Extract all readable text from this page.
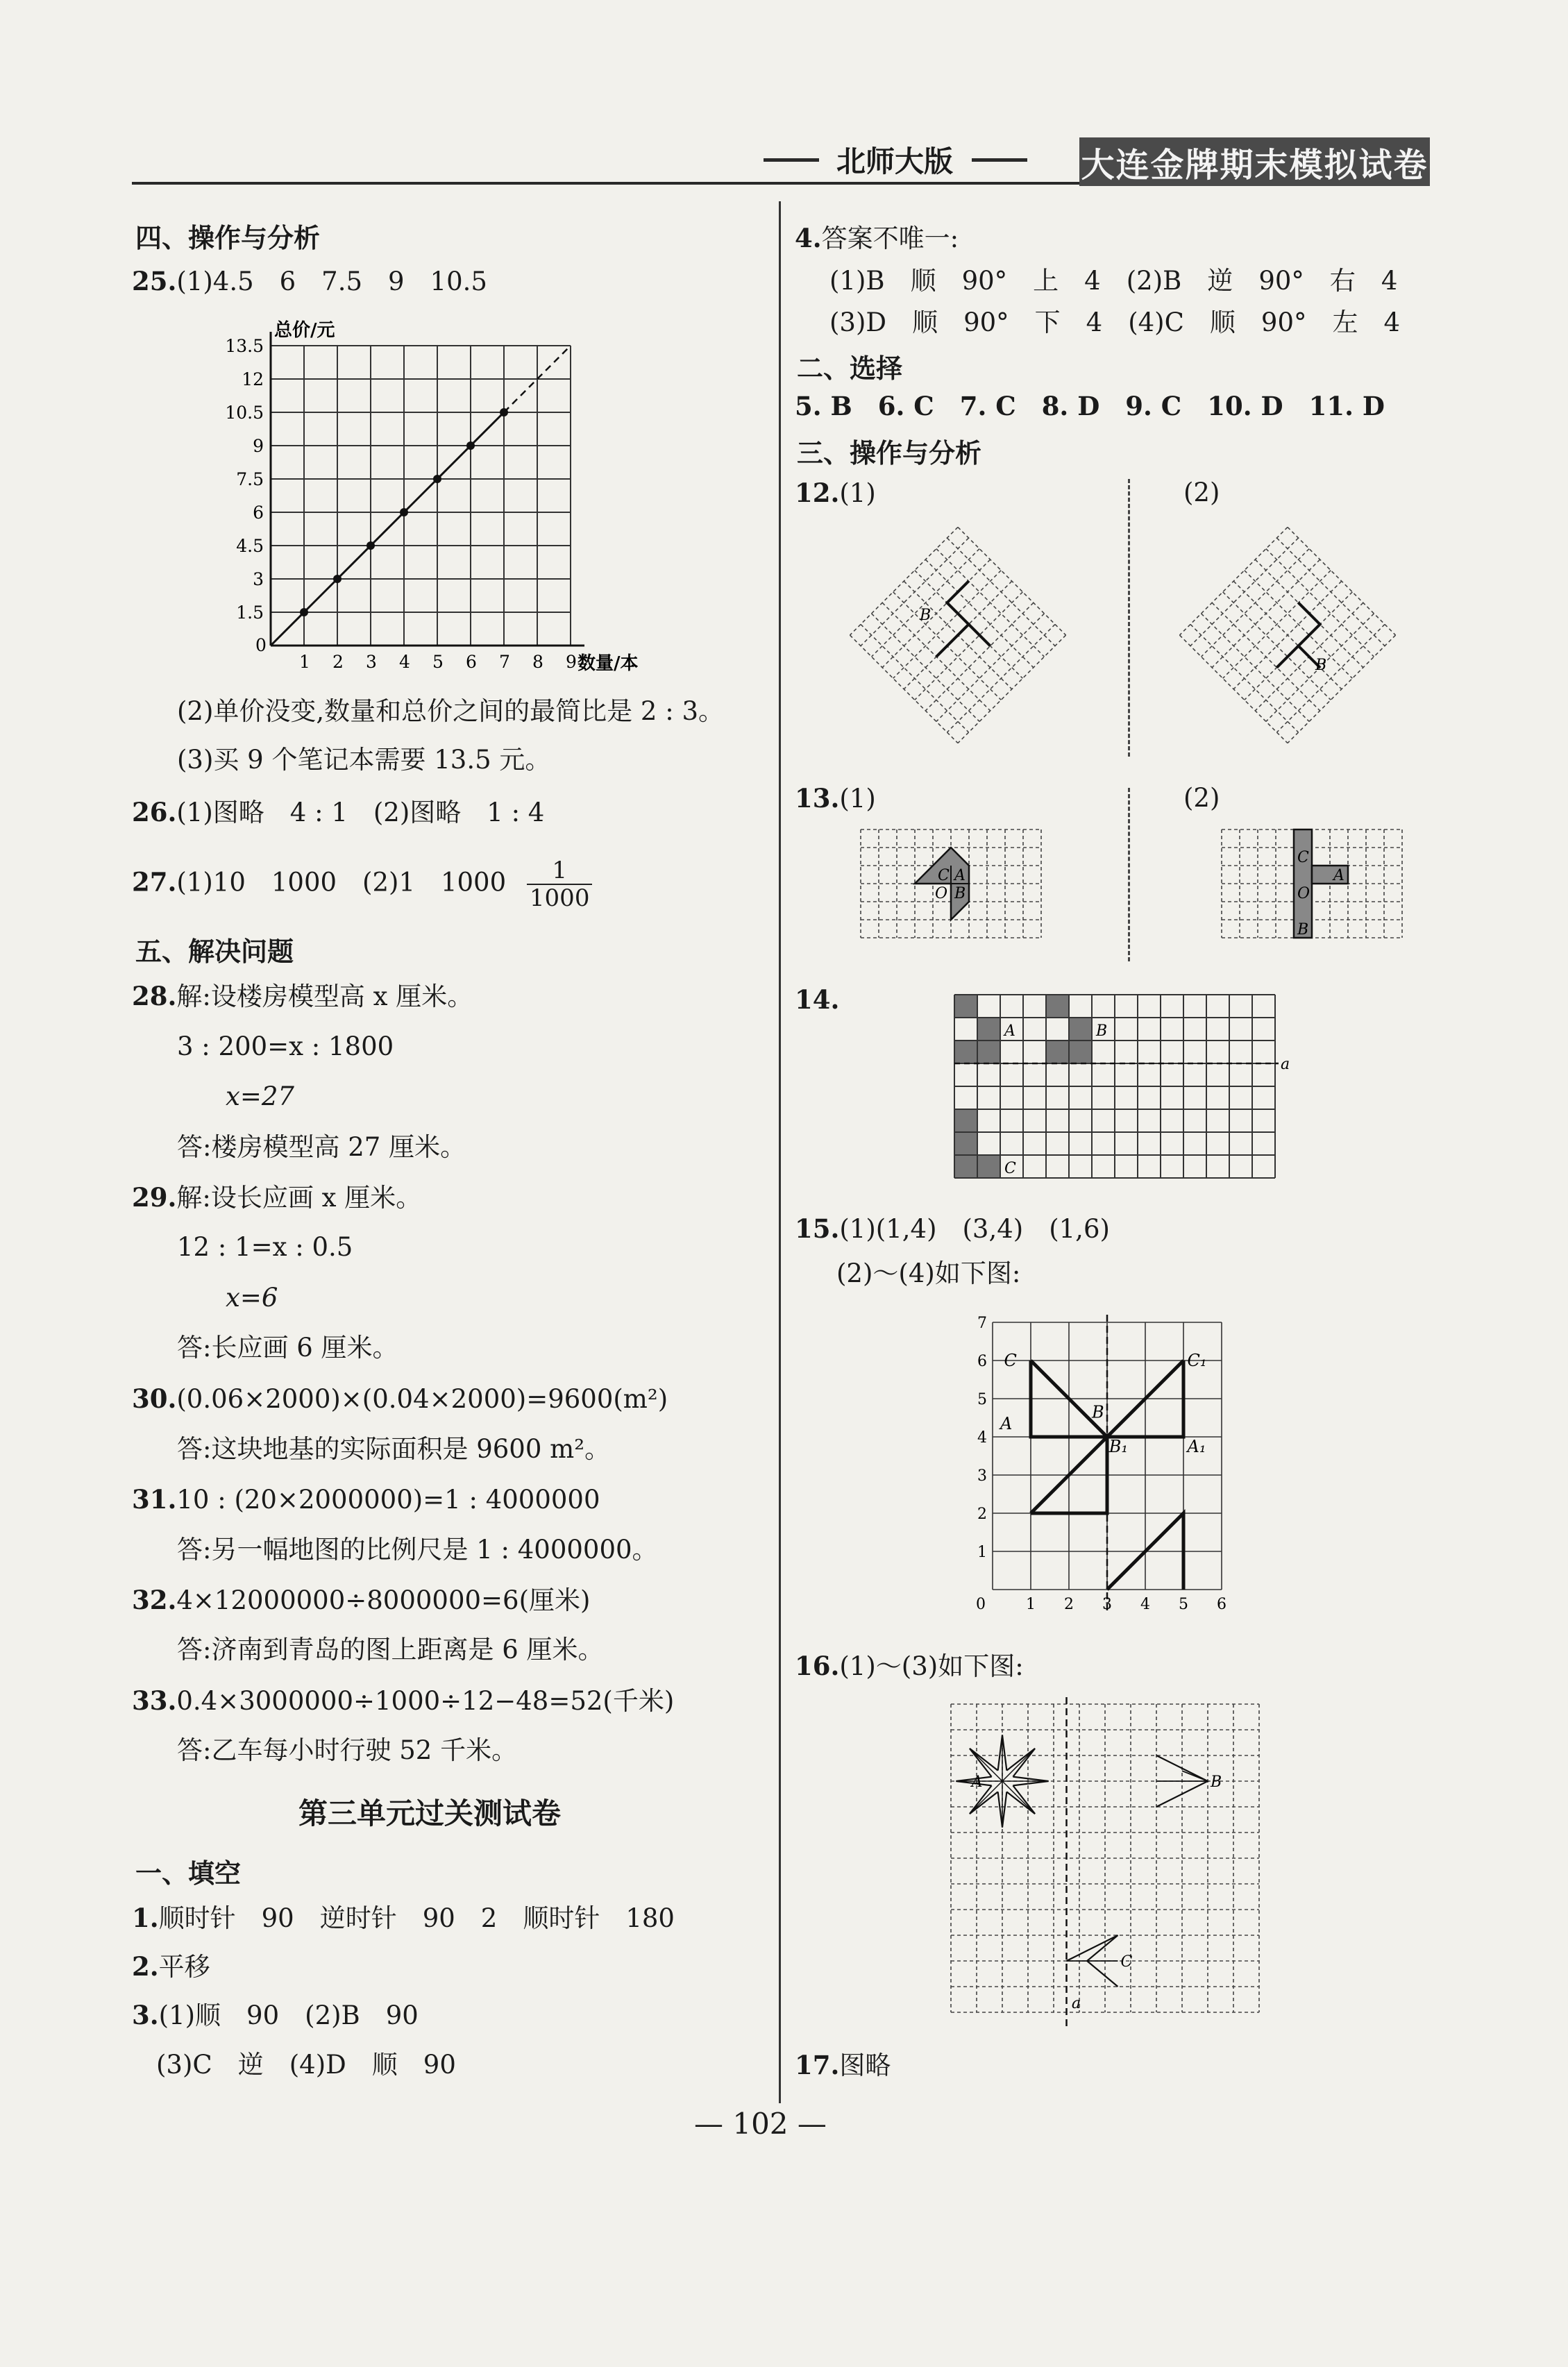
北师大版	大连金牌期末模拟试卷
四、操作与分析
25.(1)4.5　6　7.5　9　10.5
总价/元
数量/本
0
1 2 3 4 5 6 7 8 9
1.5
3
4.5
6
7.5
9
10.5
12
13.5
(2)单价没变,数量和总价之间的最简比是 2 : 3。
(3)买 9 个笔记本需要 13.5 元。
26.(1)图略　4 : 1　(2)图略　1 : 4
27.(1)10　1000　(2)1　$1000 \frac{1}{1000}$
五、解决问题
28.解:设楼房模型高 x 厘米。
3 : 200=x : 1800
x=27
答:楼房模型高 27 厘米。
29.解:设长应画 x 厘米。
12 : 1=x : 0.5
x=6
答:长应画 6 厘米。
30.(0.06×2000)×(0.04×2000)=9600(m²)
答:这块地基的实际面积是 9600 m²。
31.10 : (20×2000000)=1 : 4000000
答:另一幅地图的比例尺是 1 : 4000000。
32.4×12000000÷8000000=6(厘米)
答:济南到青岛的图上距离是 6 厘米。
33.0.4×3000000÷1000÷12−48=52(千米)
答:乙车每小时行驶 52 千米。
第三单元过关测试卷
一、填空
1.顺时针　90　逆时针　90　2　顺时针　180
2.平移
3.(1)顺　90　(2)B　90
(3)C　逆　(4)D　顺　90
4.答案不唯一:
(1)B　顺　90°　上　4　(2)B　逆　90°　右　4
(3)D　顺　90°　下　4　(4)C　顺　90°　左　4
二、选择
5. B　6. C　7. C　8. D　9. C　10. D　11. D
三、操作与分析
12.(1)	(2)
B
B
13.(1)	(2)
C A
O B
C
A
O
B
14.
A	B
C
a
15.(1)(1,4)　(3,4)　(1,6)
(2)～(4)如下图:
0	1 2 3 4 5 6
1
2
3
4
5
6
7
C	C₁
A
B
B₁	A₁
16.(1)～(3)如下图:
A	B
C
a
17.图略
— 102 —
